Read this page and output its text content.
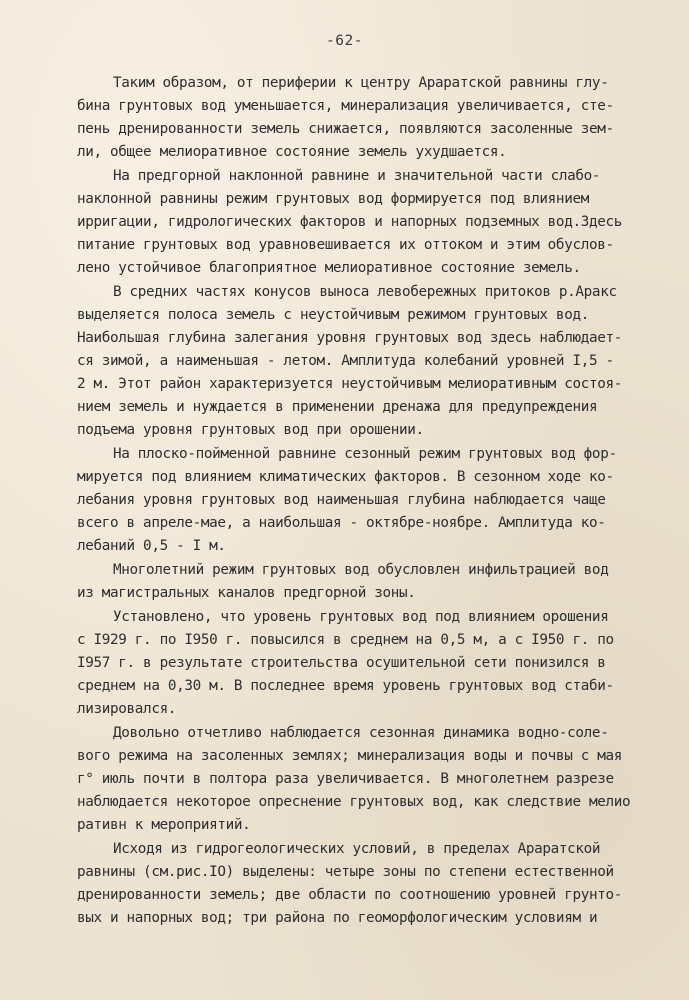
-62-
Таким образом, от периферии к центру Араратской равнины глу-
бина грунтовых вод уменьшается, минерализация увеличивается, сте-
пень дренированности земель снижается, появляются засоленные зем-
ли, общее мелиоративное состояние земель ухудшается.
На предгорной наклонной равнине и значительной части слабо-
наклонной равнины режим грунтовых вод формируется под влиянием
ирригации, гидрологических факторов и напорных подземных вод.Здесь
питание грунтовых вод уравновешивается их оттоком и этим обуслов-
лено устойчивое благоприятное мелиоративное состояние земель.
В средних частях конусов выноса левобережных притоков р.Аракс
выделяется полоса земель с неустойчивым режимом грунтовых вод.
Наибольшая глубина залегания уровня грунтовых вод здесь наблюдает-
ся зимой, а наименьшая - летом. Амплитуда колебаний уровней I,5 -
2 м. Этот район характеризуется неустойчивым мелиоративным состоя-
нием земель и нуждается в применении дренажа для предупреждения
подъема уровня грунтовых вод при орошении.
На плоско-пойменной равнине сезонный режим грунтовых вод фор-
мируется под влиянием климатических факторов. В сезонном ходе ко-
лебания уровня грунтовых вод наименьшая глубина наблюдается чаще
всего в апреле-мае, а наибольшая - октябре-ноябре. Амплитуда ко-
лебаний 0,5 - I м.
Многолетний режим грунтовых вод обусловлен инфильтрацией вод
из магистральных каналов предгорной зоны.
Установлено, что уровень грунтовых вод под влиянием орошения
с I929 г. по I950 г. повысился в среднем на 0,5 м, а с I950 г. по
I957 г. в результате строительства осушительной сети понизился в
среднем на 0,30 м. В последнее время уровень грунтовых вод стаби-
лизировался.
Довольно отчетливо наблюдается сезонная динамика водно-соле-
вого режима на засоленных землях; минерализация воды и почвы с мая
г° июль почти в полтора раза увеличивается. В многолетнем разрезе
наблюдается некоторое опреснение грунтовых вод, как следствие мелио
ративн к мероприятий.
Исходя из гидрогеологических условий, в пределах Араратской
равнины (см.рис.IO) выделены: четыре зоны по степени естественной
дренированности земель; две области по соотношению уровней грунто-
вых и напорных вод; три района по геоморфологическим условиям и
